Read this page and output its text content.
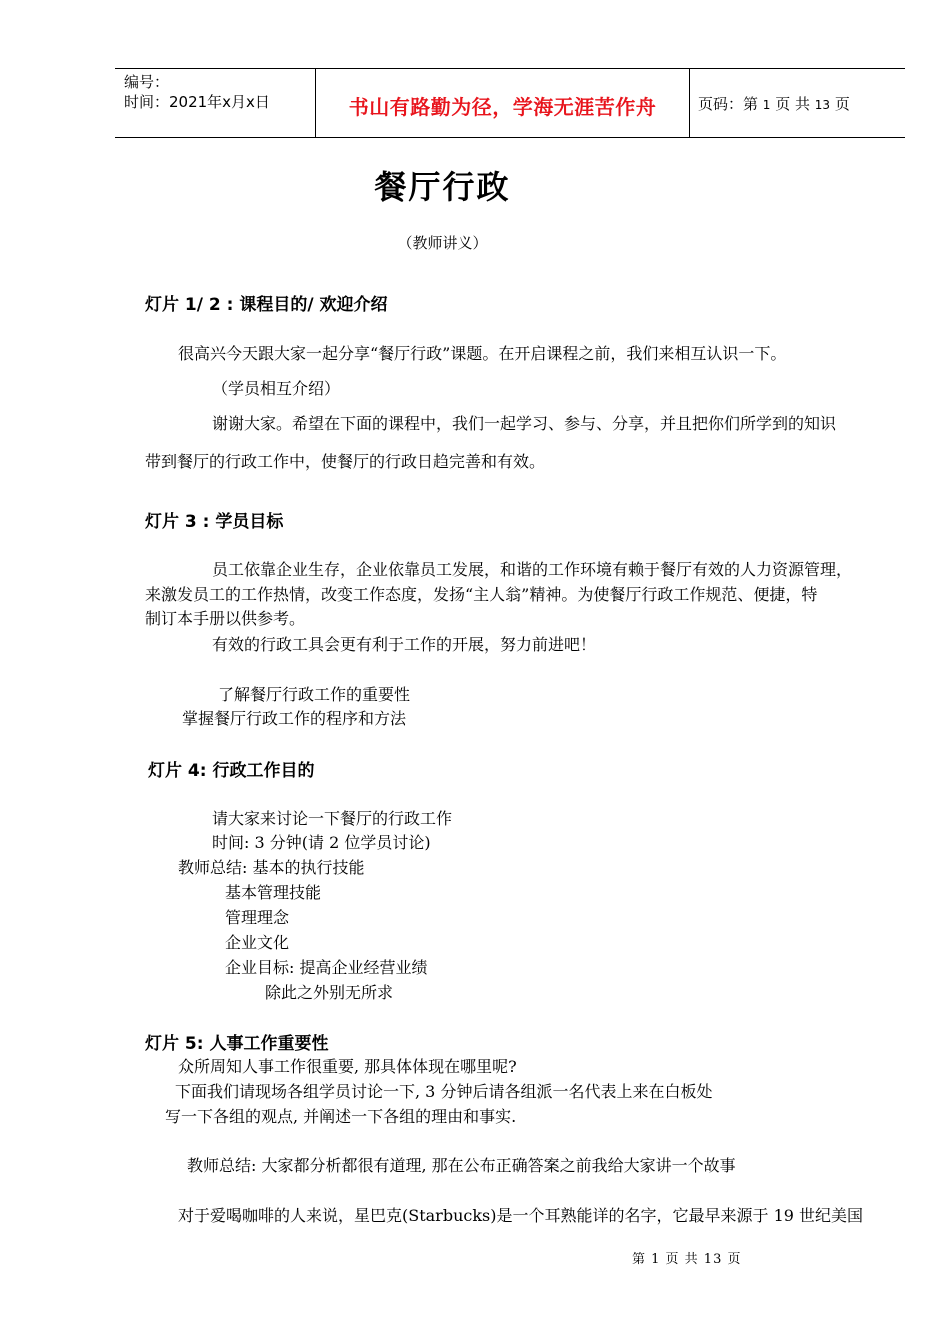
编号：
时间：2021年x月x日	书山有路勤为径，学海无涯苦作舟	页码：第 1 页 共 13 页
餐厅行政
（教师讲义）
灯片 1/ 2 : 课程目的/ 欢迎介绍
很高兴今天跟大家一起分享“餐厅行政”课题。在开启课程之前，我们来相互认识一下。
（学员相互介绍）
谢谢大家。希望在下面的课程中，我们一起学习、参与、分享，并且把你们所学到的知识
带到餐厅的行政工作中，使餐厅的行政日趋完善和有效。
灯片 3 : 学员目标
员工依靠企业生存，企业依靠员工发展，和谐的工作环境有赖于餐厅有效的人力资源管理，
来激发员工的工作热情，改变工作态度，发扬“主人翁”精神。为使餐厅行政工作规范、便捷，特
制订本手册以供参考。
有效的行政工具会更有利于工作的开展，努力前进吧！
了解餐厅行政工作的重要性
掌握餐厅行政工作的程序和方法
灯片 4: 行政工作目的
请大家来讨论一下餐厅的行政工作
时间: 3 分钟(请 2 位学员讨论)
教师总结: 基本的执行技能
基本管理技能
管理理念
企业文化
企业目标: 提高企业经营业绩
除此之外别无所求
灯片 5: 人事工作重要性
众所周知人事工作很重要, 那具体体现在哪里呢?
下面我们请现场各组学员讨论一下, 3 分钟后请各组派一名代表上来在白板处
写一下各组的观点, 并阐述一下各组的理由和事实.
教师总结: 大家都分析都很有道理, 那在公布正确答案之前我给大家讲一个故事
对于爱喝咖啡的人来说，星巴克(Starbucks)是一个耳熟能详的名字，它最早来源于 19 世纪美国
第 1 页 共 13 页
